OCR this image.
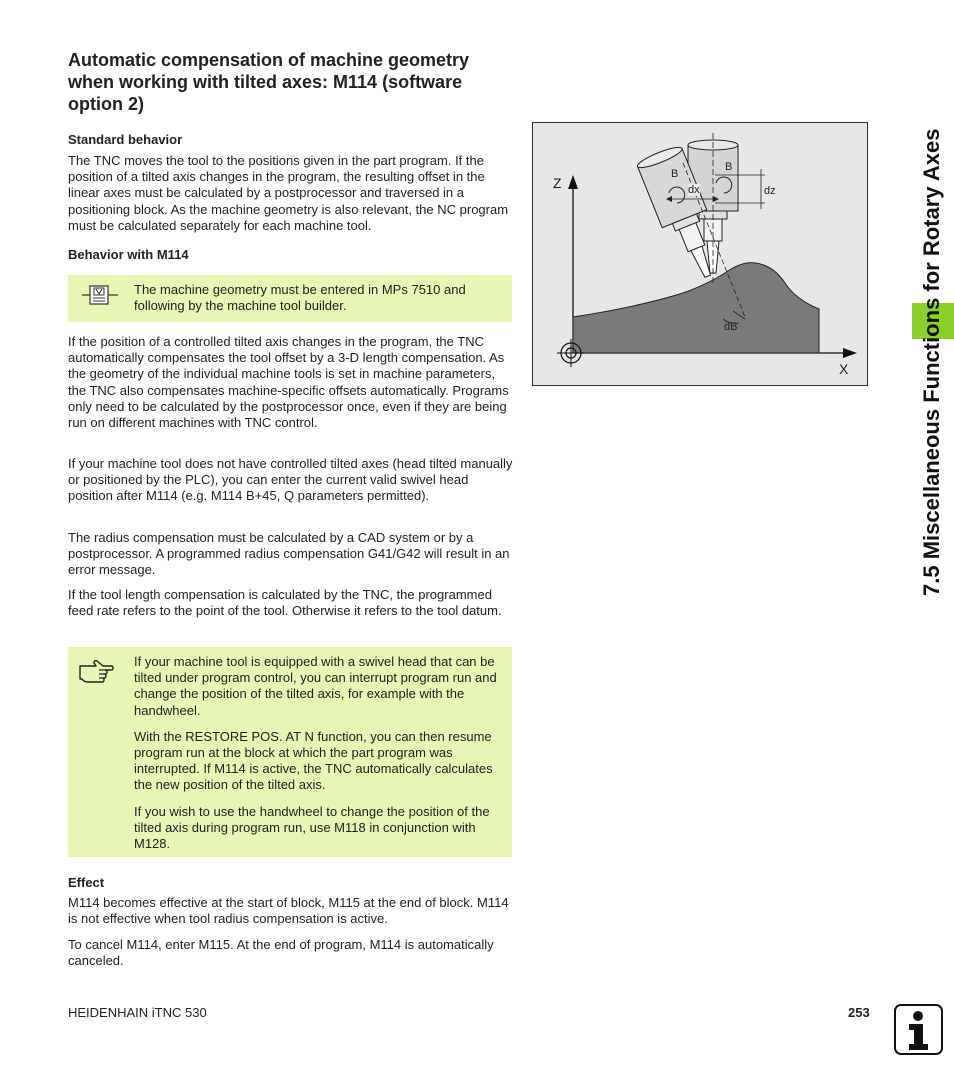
Automatic compensation of machine geometry when working with tilted axes: M114 (software option 2)
Standard behavior

The TNC moves the tool to the positions given in the part program. If the position of a tilted axis changes in the program, the resulting offset in the linear axes must be calculated by a postprocessor and traversed in a positioning block. As the machine geometry is also relevant, the NC program must be calculated separately for each machine tool.

Behavior with M114
The machine geometry must be entered in MPs 7510 and following by the machine tool builder.

If the position of a controlled tilted axis changes in the program, the TNC automatically compensates the tool offset by a 3-D length compensation. As the geometry of the individual machine tools is set in machine parameters, the TNC also compensates machine-specific offsets automatically. Programs only need to be calculated by the postprocessor once, even if they are being run on different machines with TNC control.

If your machine tool does not have controlled tilted axes (head tilted manually or positioned by the PLC), you can enter the current valid swivel head position after M114 (e.g. M114 B+45, Q parameters permitted).

The radius compensation must be calculated by a CAD system or by a postprocessor. A programmed radius compensation G41/G42 will result in an error message.

If the tool length compensation is calculated by the TNC, the programmed feed rate refers to the point of the tool. Otherwise it refers to the tool datum.

If your machine tool is equipped with a swivel head that can be tilted under program control, you can interrupt program run and change the position of the tilted axis, for example with the handwheel.

With the RESTORE POS. AT N function, you can then resume program run at the block at which the part program was interrupted. If M114 is active, the TNC automatically calculates the new position of the tilted axis.

If you wish to use the handwheel to change the position of the tilted axis during program run, use M118 in conjunction with M128.

Effect

M114 becomes effective at the start of block, M115 at the end of block. M114 is not effective when tool radius compensation is active.

To cancel M114, enter M115. At the end of program, M114 is automatically canceled.

Z
X
B
B
dx	dz
dB	7.5 Miscellaneous Functions for Rotary Axes
HEIDENHAIN iTNC 530	253
